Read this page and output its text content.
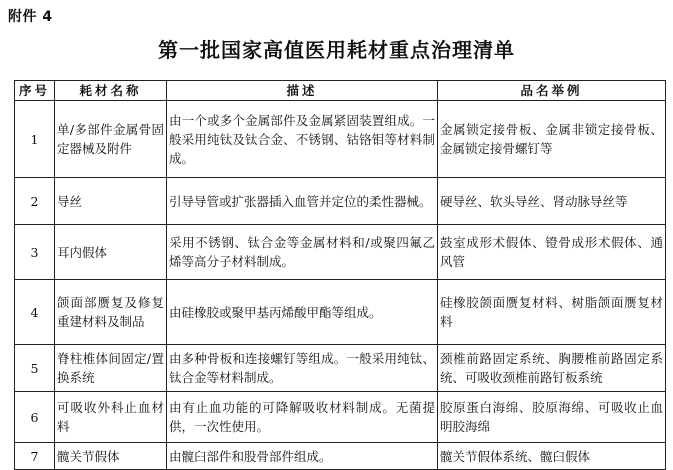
附件 4
第一批国家高值医用耗材重点治理清单
序号	耗材名称	描述	品名举例
1	单/多部件金属骨固定器械及附件	由一个或多个金属部件及金属紧固装置组成。一般采用纯钛及钛合金、不锈钢、钴铬钼等材料制成。	金属锁定接骨板、金属非锁定接骨板、金属锁定接骨螺钉等
2	导丝	引导导管或扩张器插入血管并定位的柔性器械。	硬导丝、软头导丝、肾动脉导丝等
3	耳内假体	采用不锈钢、钛合金等金属材料和/或聚四氟乙烯等高分子材料制成。	鼓室成形术假体、镫骨成形术假体、通风管
4	颌面部赝复及修复重建材料及制品	由硅橡胶或聚甲基丙烯酸甲酯等组成。	硅橡胶颌面赝复材料、树脂颌面赝复材料
5	脊柱椎体间固定/置换系统	由多种骨板和连接螺钉等组成。一般采用纯钛、钛合金等材料制成。	颈椎前路固定系统、胸腰椎前路固定系统、可吸收颈椎前路钉板系统
6	可吸收外科止血材料	由有止血功能的可降解吸收材料制成。无菌提供，一次性使用。	胶原蛋白海绵、胶原海绵、可吸收止血明胶海绵
7	髋关节假体	由髋臼部件和股骨部件组成。	髋关节假体系统、髋臼假体
